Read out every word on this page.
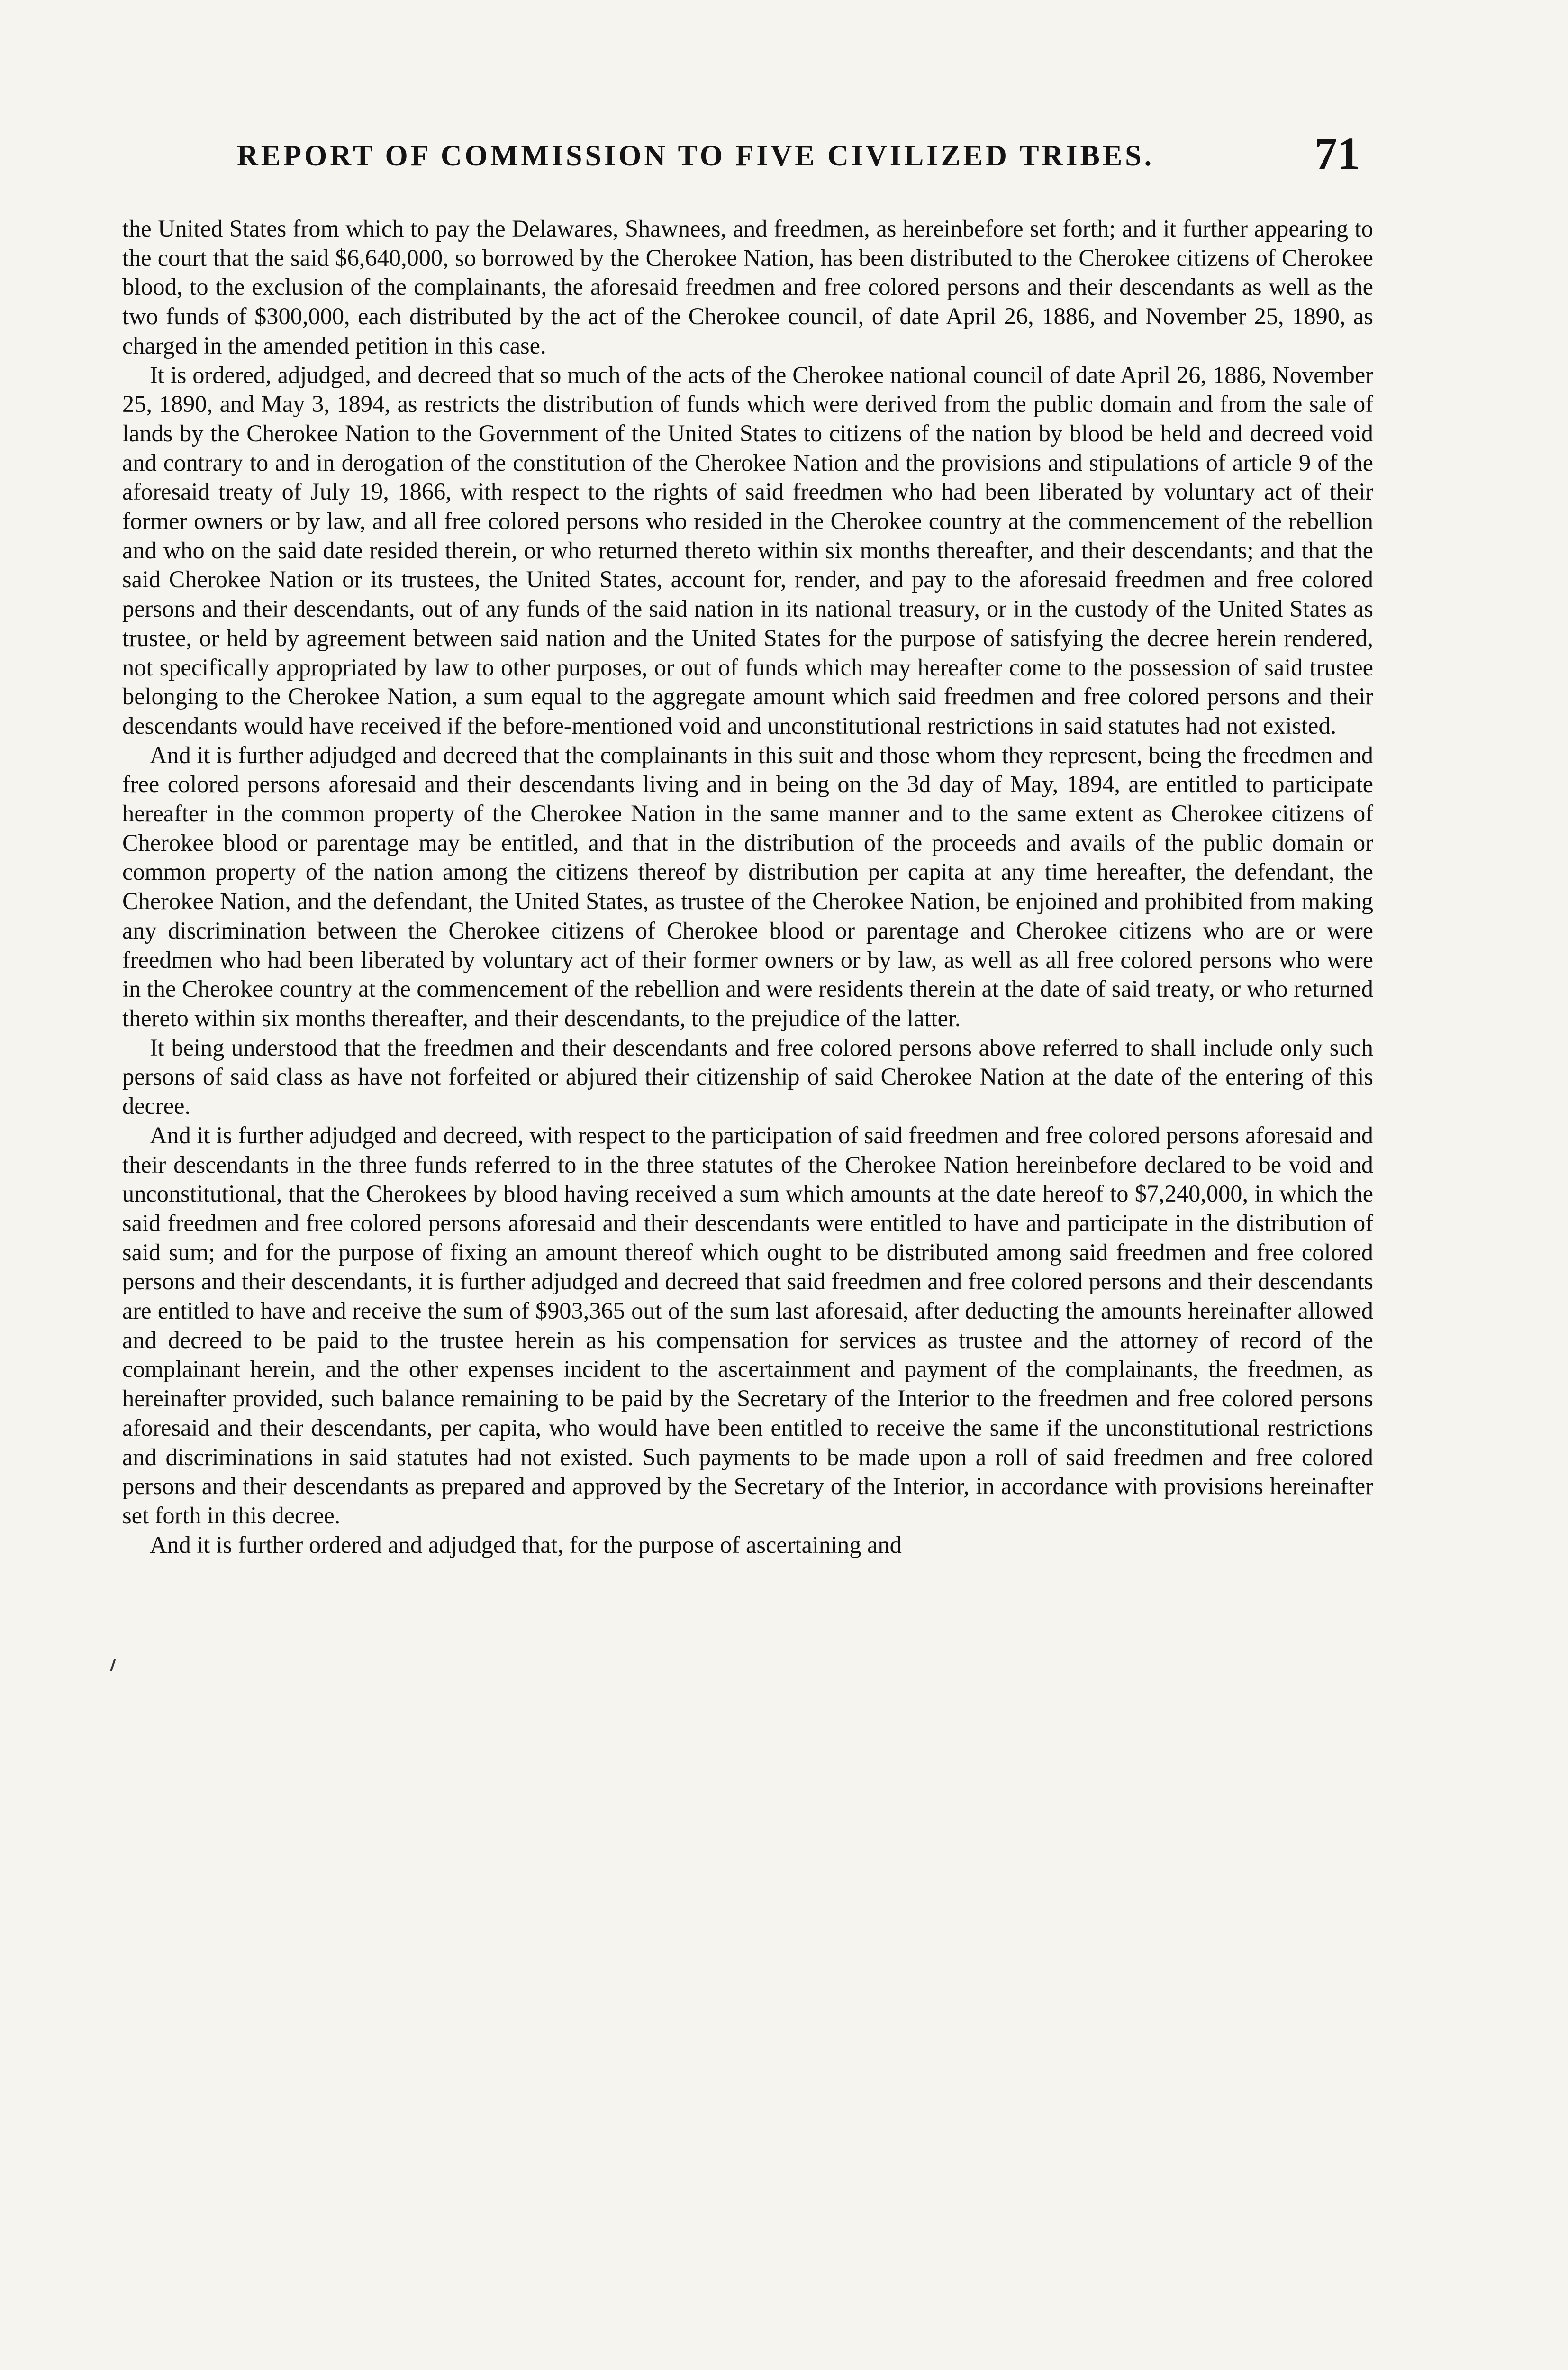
REPORT OF COMMISSION TO FIVE CIVILIZED TRIBES.	71

the United States from which to pay the Delawares, Shawnees, and freedmen, as hereinbefore set forth; and it further appearing to the court that the said $6,640,000, so borrowed by the Cherokee Nation, has been distributed to the Cherokee citizens of Cherokee blood, to the exclusion of the complainants, the aforesaid freedmen and free colored persons and their descendants as well as the two funds of $300,000, each distributed by the act of the Cherokee council, of date April 26, 1886, and November 25, 1890, as charged in the amended petition in this case.

It is ordered, adjudged, and decreed that so much of the acts of the Cherokee national council of date April 26, 1886, November 25, 1890, and May 3, 1894, as restricts the distribution of funds which were derived from the public domain and from the sale of lands by the Cherokee Nation to the Government of the United States to citizens of the nation by blood be held and decreed void and contrary to and in derogation of the constitution of the Cherokee Nation and the provisions and stipulations of article 9 of the aforesaid treaty of July 19, 1866, with respect to the rights of said freedmen who had been liberated by voluntary act of their former owners or by law, and all free colored persons who resided in the Cherokee country at the commencement of the rebellion and who on the said date resided therein, or who returned thereto within six months thereafter, and their descendants; and that the said Cherokee Nation or its trustees, the United States, account for, render, and pay to the aforesaid freedmen and free colored persons and their descendants, out of any funds of the said nation in its national treasury, or in the custody of the United States as trustee, or held by agreement between said nation and the United States for the purpose of satisfying the decree herein rendered, not specifically appropriated by law to other purposes, or out of funds which may hereafter come to the possession of said trustee belonging to the Cherokee Nation, a sum equal to the aggregate amount which said freedmen and free colored persons and their descendants would have received if the before-mentioned void and unconstitutional restrictions in said statutes had not existed.

And it is further adjudged and decreed that the complainants in this suit and those whom they represent, being the freedmen and free colored persons aforesaid and their descendants living and in being on the 3d day of May, 1894, are entitled to participate hereafter in the common property of the Cherokee Nation in the same manner and to the same extent as Cherokee citizens of Cherokee blood or parentage may be entitled, and that in the distribution of the proceeds and avails of the public domain or common property of the nation among the citizens thereof by distribution per capita at any time hereafter, the defendant, the Cherokee Nation, and the defendant, the United States, as trustee of the Cherokee Nation, be enjoined and prohibited from making any discrimination between the Cherokee citizens of Cherokee blood or parentage and Cherokee citizens who are or were freedmen who had been liberated by voluntary act of their former owners or by law, as well as all free colored persons who were in the Cherokee country at the commencement of the rebellion and were residents therein at the date of said treaty, or who returned thereto within six months thereafter, and their descendants, to the prejudice of the latter.

It being understood that the freedmen and their descendants and free colored persons above referred to shall include only such persons of said class as have not forfeited or abjured their citizenship of said Cherokee Nation at the date of the entering of this decree.

And it is further adjudged and decreed, with respect to the participation of said freedmen and free colored persons aforesaid and their descendants in the three funds referred to in the three statutes of the Cherokee Nation hereinbefore declared to be void and unconstitutional, that the Cherokees by blood having received a sum which amounts at the date hereof to $7,240,000, in which the said freedmen and free colored persons aforesaid and their descendants were entitled to have and participate in the distribution of said sum; and for the purpose of fixing an amount thereof which ought to be distributed among said freedmen and free colored persons and their descendants, it is further adjudged and decreed that said freedmen and free colored persons and their descendants are entitled to have and receive the sum of $903,365 out of the sum last aforesaid, after deducting the amounts hereinafter allowed and decreed to be paid to the trustee herein as his compensation for services as trustee and the attorney of record of the complainant herein, and the other expenses incident to the ascertainment and payment of the complainants, the freedmen, as hereinafter provided, such balance remaining to be paid by the Secretary of the Interior to the freedmen and free colored persons aforesaid and their descendants, per capita, who would have been entitled to receive the same if the unconstitutional restrictions and discriminations in said statutes had not existed. Such payments to be made upon a roll of said freedmen and free colored persons and their descendants as prepared and approved by the Secretary of the Interior, in accordance with provisions hereinafter set forth in this decree.

And it is further ordered and adjudged that, for the purpose of ascertaining and
